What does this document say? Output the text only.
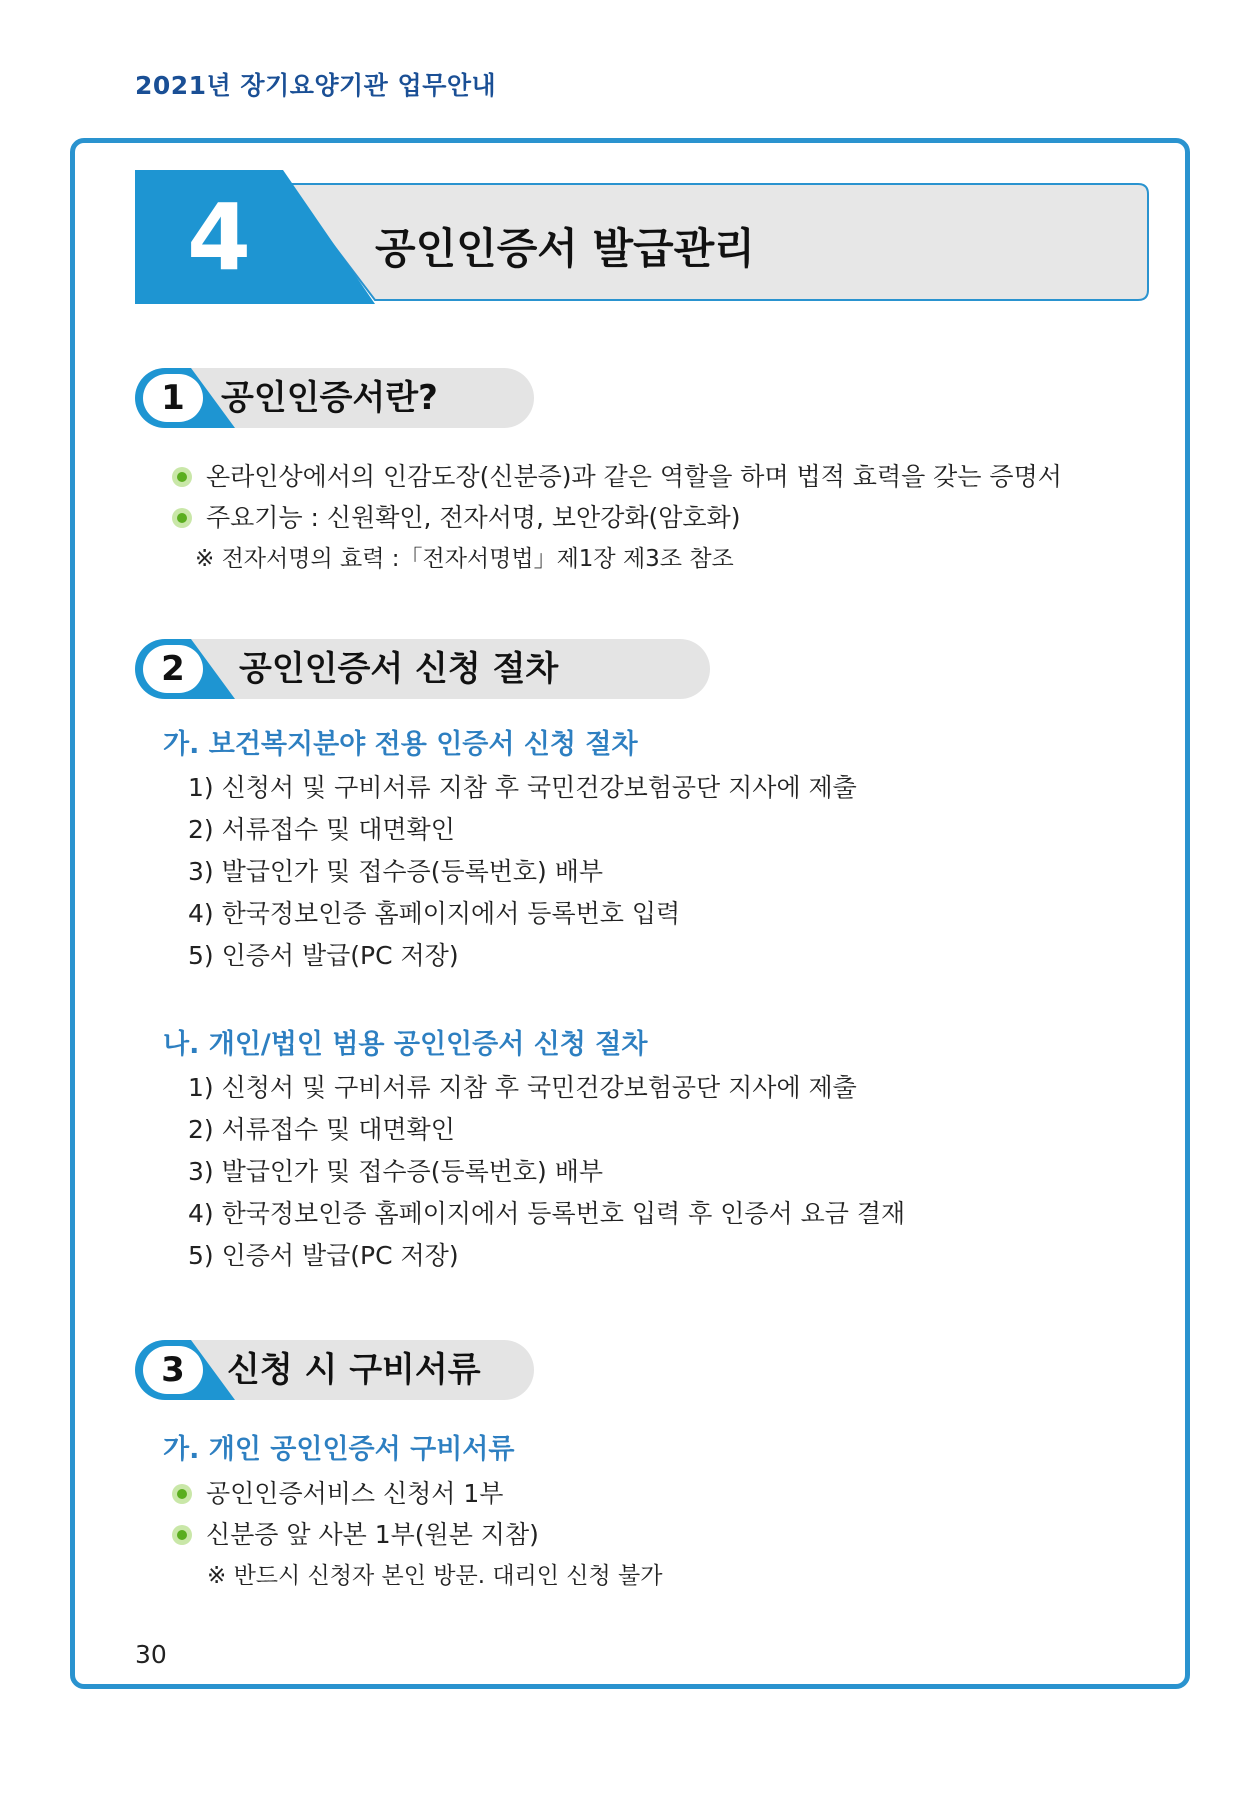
2021년 장기요양기관 업무안내
4	공인인증서 발급관리
1	공인인증서란?
온라인상에서의 인감도장(신분증)과 같은 역할을 하며 법적 효력을 갖는 증명서
주요기능 : 신원확인, 전자서명, 보안강화(암호화)
※ 전자서명의 효력 :「전자서명법」제1장 제3조 참조
2	공인인증서 신청 절차
가. 보건복지분야 전용 인증서 신청 절차
1) 신청서 및 구비서류 지참 후 국민건강보험공단 지사에 제출
2) 서류접수 및 대면확인
3) 발급인가 및 접수증(등록번호) 배부
4) 한국정보인증 홈페이지에서 등록번호 입력
5) 인증서 발급(PC 저장)
나. 개인/법인 범용 공인인증서 신청 절차
1) 신청서 및 구비서류 지참 후 국민건강보험공단 지사에 제출
2) 서류접수 및 대면확인
3) 발급인가 및 접수증(등록번호) 배부
4) 한국정보인증 홈페이지에서 등록번호 입력 후 인증서 요금 결재
5) 인증서 발급(PC 저장)
3	신청 시 구비서류
가. 개인 공인인증서 구비서류
공인인증서비스 신청서 1부
신분증 앞 사본 1부(원본 지참)
※ 반드시 신청자 본인 방문. 대리인 신청 불가
30
